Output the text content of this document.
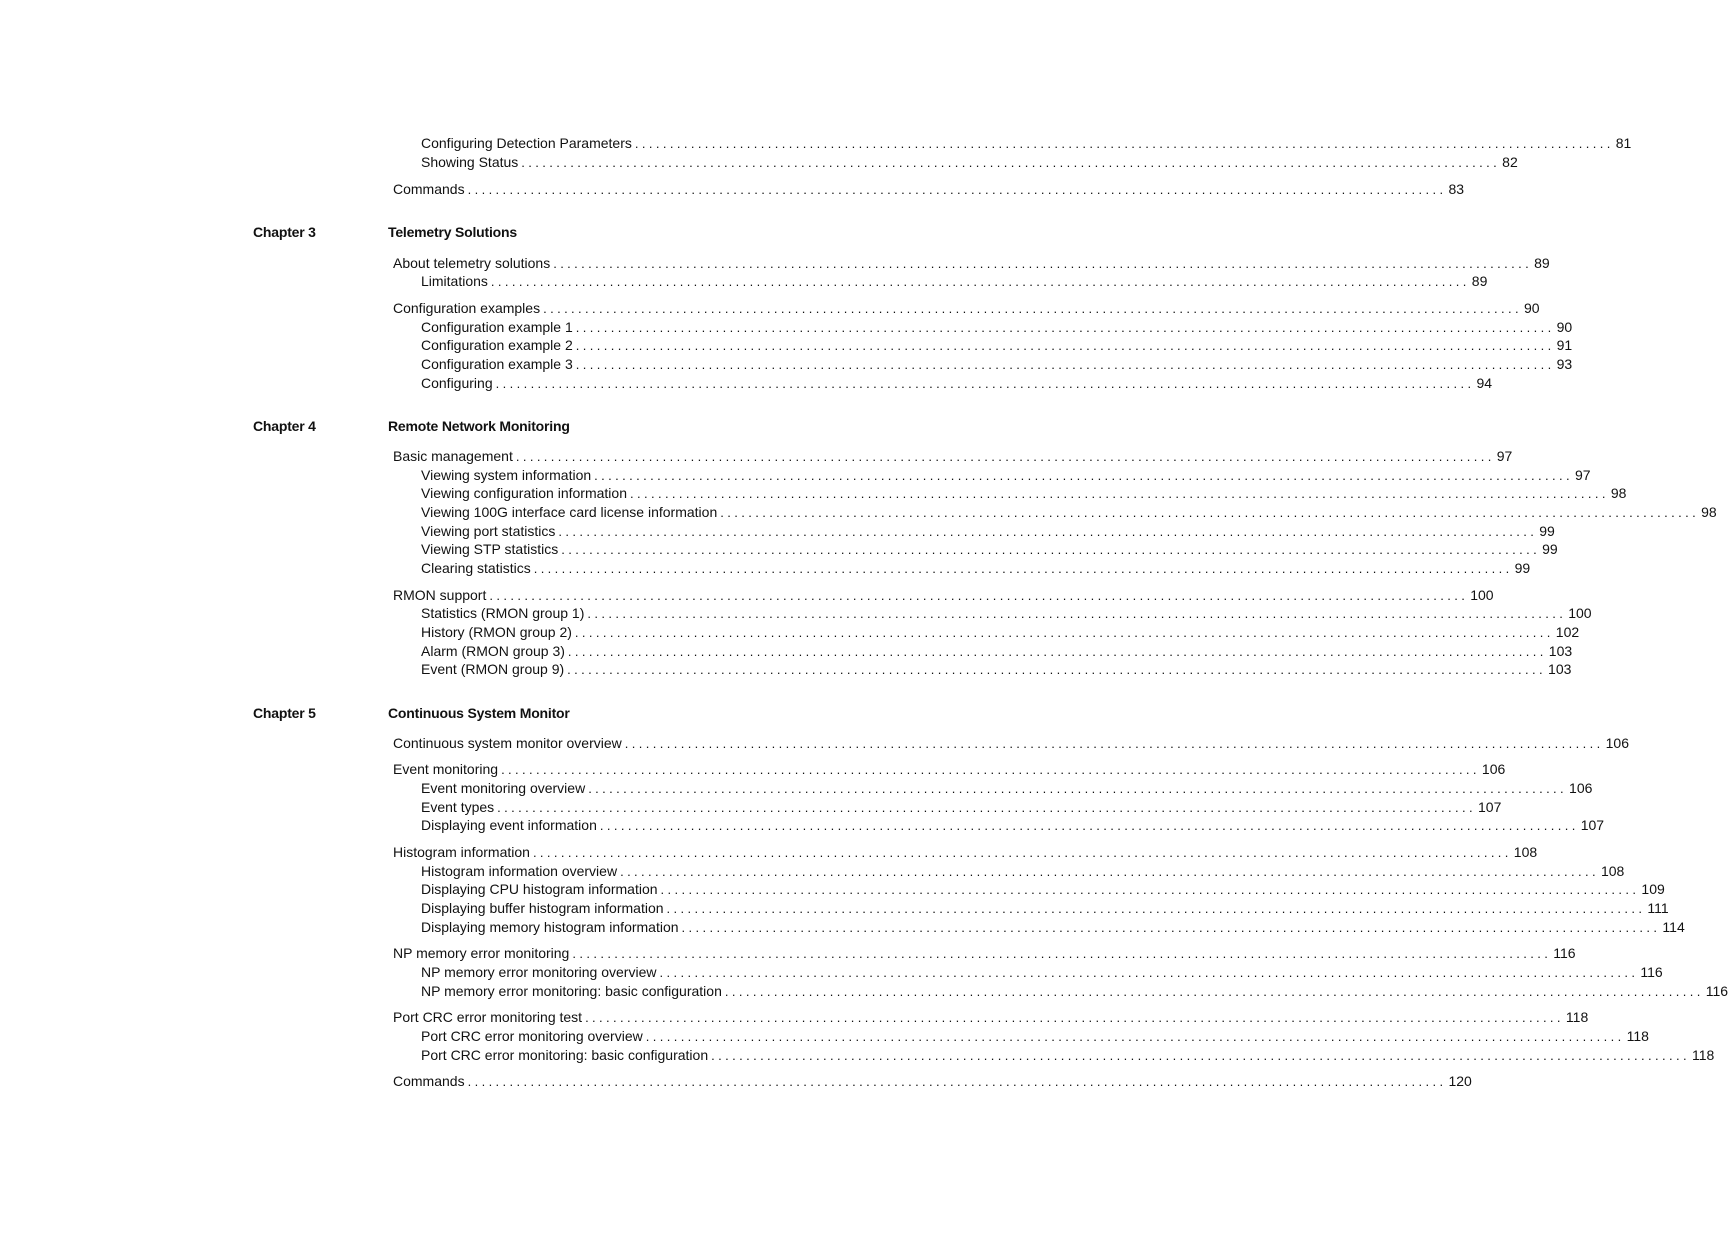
Configuring Detection Parameters ............................................................................................................................................ 81
Showing Status ............................................................................................................................................ 82
Commands ............................................................................................................................................ 83
Chapter 3	Telemetry Solutions
About telemetry solutions ............................................................................................................................................ 89
Limitations ............................................................................................................................................ 89
Configuration examples ............................................................................................................................................ 90
Configuration example 1 ............................................................................................................................................ 90
Configuration example 2 ............................................................................................................................................ 91
Configuration example 3 ............................................................................................................................................ 93
Configuring ............................................................................................................................................ 94
Chapter 4	Remote Network Monitoring
Basic management ............................................................................................................................................ 97
Viewing system information ............................................................................................................................................ 97
Viewing configuration information ............................................................................................................................................ 98
Viewing 100G interface card license information ............................................................................................................................................ 98
Viewing port statistics ............................................................................................................................................ 99
Viewing STP statistics ............................................................................................................................................ 99
Clearing statistics ............................................................................................................................................ 99
RMON support ............................................................................................................................................ 100
Statistics (RMON group 1) ............................................................................................................................................ 100
History (RMON group 2) ............................................................................................................................................ 102
Alarm (RMON group 3) ............................................................................................................................................ 103
Event (RMON group 9) ............................................................................................................................................ 103
Chapter 5	Continuous System Monitor
Continuous system monitor overview ............................................................................................................................................ 106
Event monitoring ............................................................................................................................................ 106
Event monitoring overview ............................................................................................................................................ 106
Event types ............................................................................................................................................ 107
Displaying event information ............................................................................................................................................ 107
Histogram information ............................................................................................................................................ 108
Histogram information overview ............................................................................................................................................ 108
Displaying CPU histogram information ............................................................................................................................................ 109
Displaying buffer histogram information ............................................................................................................................................ 111
Displaying memory histogram information ............................................................................................................................................ 114
NP memory error monitoring ............................................................................................................................................ 116
NP memory error monitoring overview ............................................................................................................................................ 116
NP memory error monitoring: basic configuration ............................................................................................................................................ 116
Port CRC error monitoring test ............................................................................................................................................ 118
Port CRC error monitoring overview ............................................................................................................................................ 118
Port CRC error monitoring: basic configuration ............................................................................................................................................ 118
Commands ............................................................................................................................................ 120
